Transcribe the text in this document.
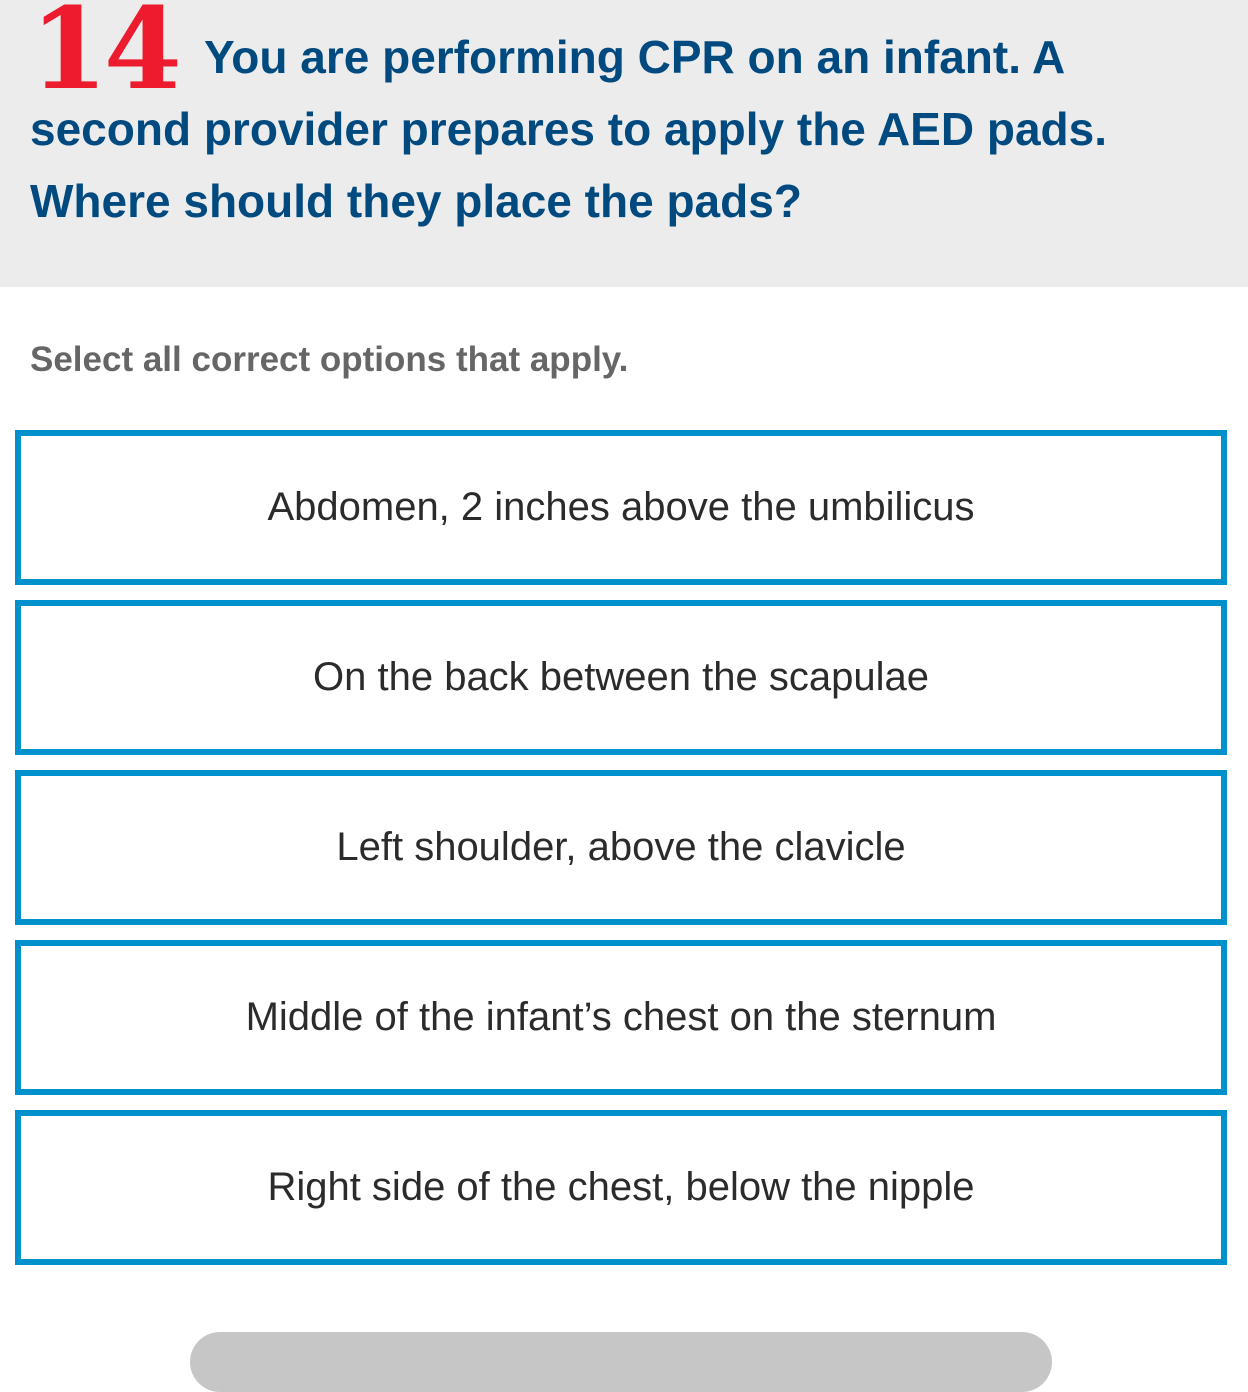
14 You are performing CPR on an infant. A second provider prepares to apply the AED pads. Where should they place the pads?

Select all correct options that apply.

Abdomen, 2 inches above the umbilicus
On the back between the scapulae
Left shoulder, above the clavicle
Middle of the infant’s chest on the sternum
Right side of the chest, below the nipple
